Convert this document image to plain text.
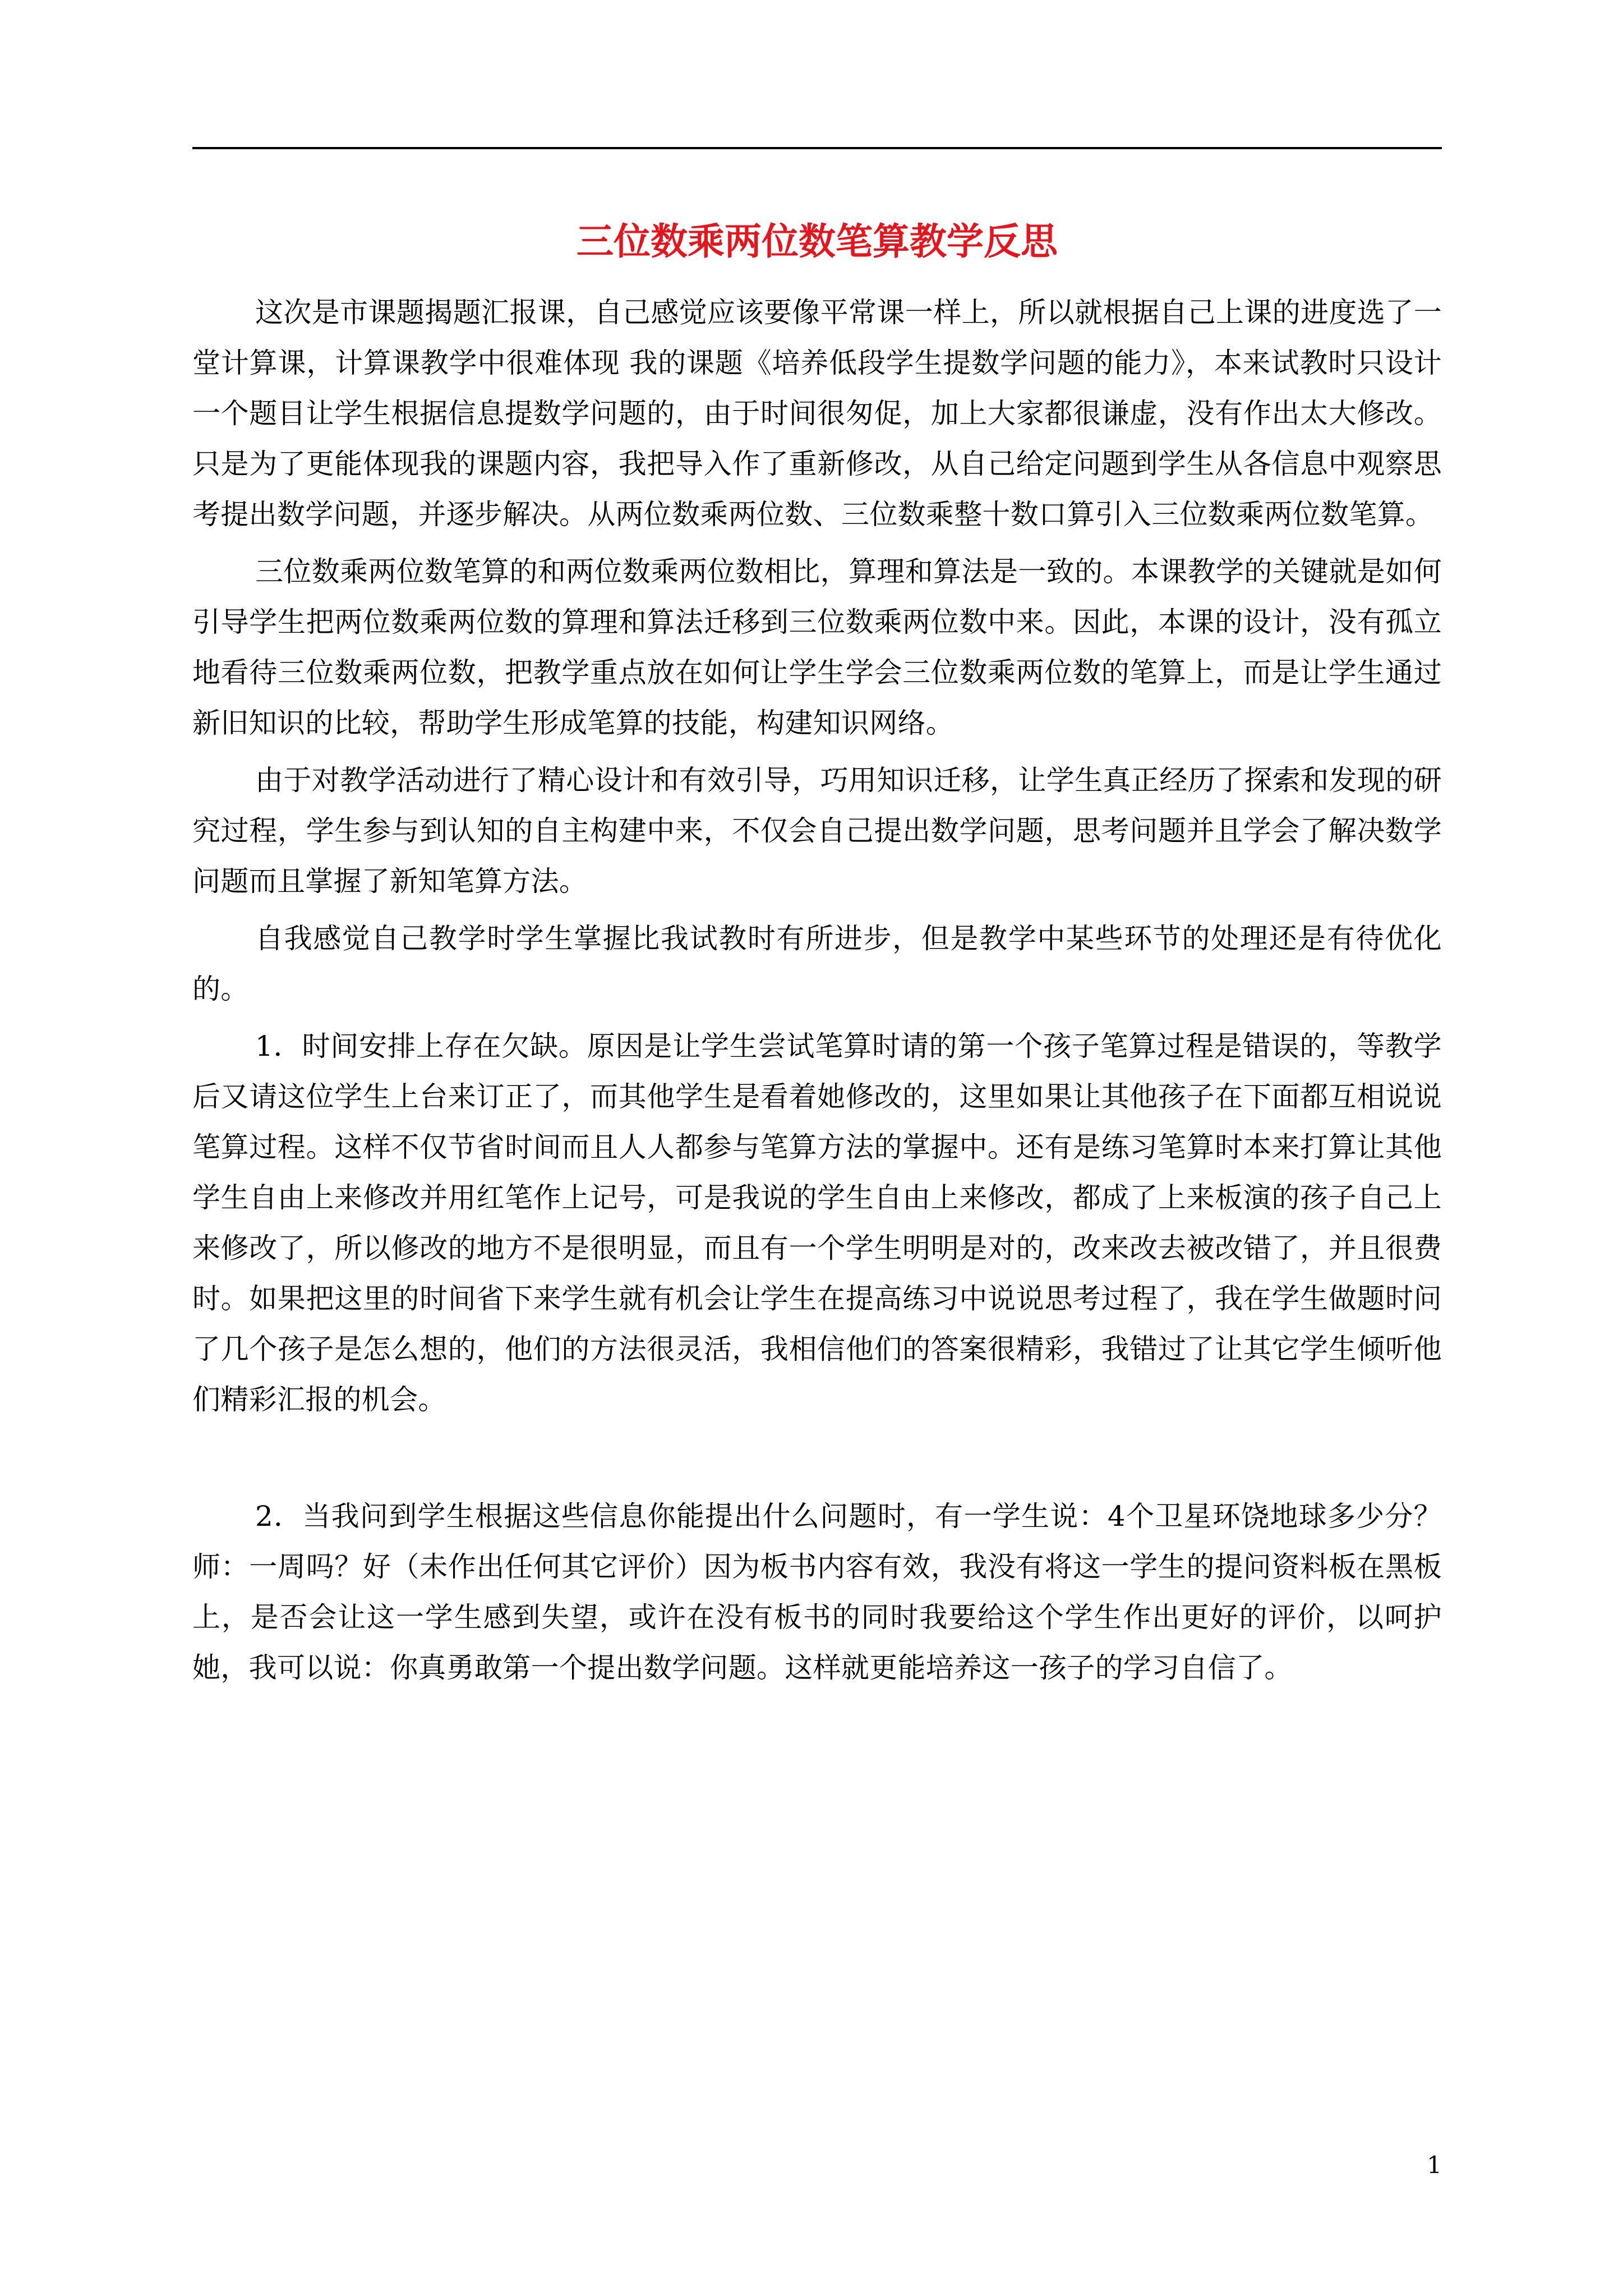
三位数乘两位数笔算教学反思

这次是市课题揭题汇报课，自己感觉应该要像平常课一样上，所以就根据自己上课的进度选了一堂计算课，计算课教学中很难体现 我的课题《培养低段学生提数学问题的能力》，本来试教时只设计一个题目让学生根据信息提数学问题的，由于时间很匆促，加上大家都很谦虚，没有作出太大修改。只是为了更能体现我的课题内容，我把导入作了重新修改，从自己给定问题到学生从各信息中观察思考提出数学问题，并逐步解决。从两位数乘两位数、三位数乘整十数口算引入三位数乘两位数笔算。

三位数乘两位数笔算的和两位数乘两位数相比，算理和算法是一致的。本课教学的关键就是如何引导学生把两位数乘两位数的算理和算法迁移到三位数乘两位数中来。因此，本课的设计，没有孤立地看待三位数乘两位数，把教学重点放在如何让学生学会三位数乘两位数的笔算上，而是让学生通过新旧知识的比较，帮助学生形成笔算的技能，构建知识网络。

由于对教学活动进行了精心设计和有效引导，巧用知识迁移，让学生真正经历了探索和发现的研究过程，学生参与到认知的自主构建中来，不仅会自己提出数学问题，思考问题并且学会了解决数学问题而且掌握了新知笔算方法。

自我感觉自己教学时学生掌握比我试教时有所进步，但是教学中某些环节的处理还是有待优化的。

1．时间安排上存在欠缺。原因是让学生尝试笔算时请的第一个孩子笔算过程是错误的，等教学后又请这位学生上台来订正了，而其他学生是看着她修改的，这里如果让其他孩子在下面都互相说说笔算过程。这样不仅节省时间而且人人都参与笔算方法的掌握中。还有是练习笔算时本来打算让其他学生自由上来修改并用红笔作上记号，可是我说的学生自由上来修改，都成了上来板演的孩子自己上来修改了，所以修改的地方不是很明显，而且有一个学生明明是对的，改来改去被改错了，并且很费时。如果把这里的时间省下来学生就有机会让学生在提高练习中说说思考过程了，我在学生做题时问了几个孩子是怎么想的，他们的方法很灵活，我相信他们的答案很精彩，我错过了让其它学生倾听他们精彩汇报的机会。

2．当我问到学生根据这些信息你能提出什么问题时，有一学生说：4个卫星环饶地球多少分？师：一周吗？好（未作出任何其它评价）因为板书内容有效，我没有将这一学生的提问资料板在黑板上，是否会让这一学生感到失望，或许在没有板书的同时我要给这个学生作出更好的评价，以呵护她，我可以说：你真勇敢第一个提出数学问题。这样就更能培养这一孩子的学习自信了。

1
